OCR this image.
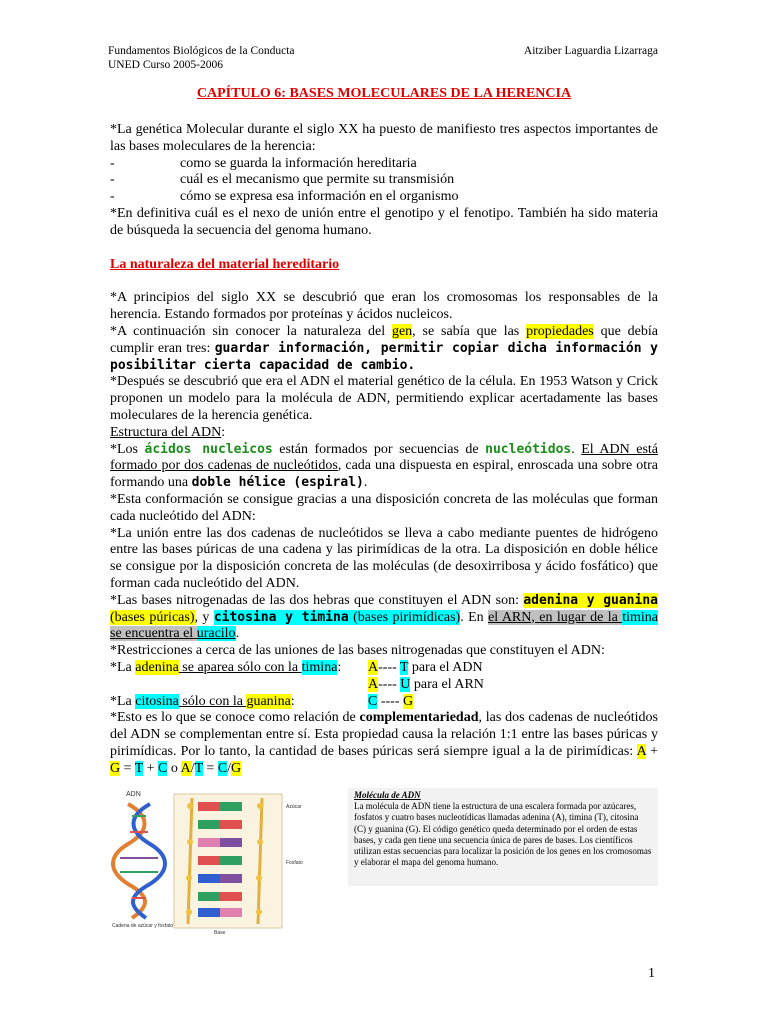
Fundamentos Biológicos de la Conducta
UNED Curso 2005-2006
Aitziber Laguardia Lizarraga
CAPÍTULO 6: BASES MOLECULARES DE LA HERENCIA

*La genética Molecular durante el siglo XX ha puesto de manifiesto tres aspectos importantes de las bases moleculares de la herencia:

-	como se guarda la información hereditaria
-	cuál es el mecanismo que permite su transmisión
-	cómo se expresa esa información en el organismo

*En definitiva cuál es el nexo de unión entre el genotipo y el fenotipo. También ha sido materia de búsqueda la secuencia del genoma humano.

La naturaleza del material hereditario

*A principios del siglo XX se descubrió que eran los cromosomas los responsables de la herencia. Estando formados por proteínas y ácidos nucleicos.

*A continuación sin conocer la naturaleza del gen, se sabía que las propiedades que debía cumplir eran tres: guardar información, permitir copiar dicha información y posibilitar cierta capacidad de cambio.

*Después se descubrió que era el ADN el material genético de la célula. En 1953 Watson y Crick proponen un modelo para la molécula de ADN, permitiendo explicar acertadamente las bases moleculares de la herencia genética.

Estructura del ADN:

*Los ácidos nucleicos están formados por secuencias de nucleótidos. El ADN está formado por dos cadenas de nucleótidos, cada una dispuesta en espiral, enroscada una sobre otra formando una doble hélice (espiral).

*Esta conformación se consigue gracias a una disposición concreta de las moléculas que forman cada nucleótido del ADN:

*La unión entre las dos cadenas de nucleótidos se lleva a cabo mediante puentes de hidrógeno entre las bases púricas de una cadena y las pirimídicas de la otra. La disposición en doble hélice se consigue por la disposición concreta de las moléculas (de desoxirribosa y ácido fosfático) que forman cada nucleótido del ADN.

*Las bases nitrogenadas de las dos hebras que constituyen el ADN son: adenina y guanina (bases púricas), y citosina y timina (bases pirimídicas). En el ARN, en lugar de la timina se encuentra el uracilo.

*Restricciones a cerca de las uniones de las bases nitrogenadas que constituyen el ADN:

*La adenina se aparea sólo con la timina:	A---- T para el ADN
A---- U para el ARN
*La citosina sólo con la guanina:	C ---- G

*Esto es lo que se conoce como relación de complementariedad, las dos cadenas de nucleótidos del ADN se complementan entre sí. Esta propiedad causa la relación 1:1 entre las bases púricas y pirimídicas. Por lo tanto, la cantidad de bases púricas será siempre igual a la de pirimídicas: A + G = T + C o A/T = C/G

ADN
Cadena de azúcar y fosfato
Azúcar
Fosfato
Base
Molécula de ADN
La molécula de ADN tiene la estructura de una escalera formada por azúcares, fosfatos y cuatro bases nucleotídicas llamadas adenina (A), timina (T), citosina (C) y guanina (G). El código genético queda determinado por el orden de estas bases, y cada gen tiene una secuencia única de pares de bases. Los científicos utilizan estas secuencias para localizar la posición de los genes en los cromosomas y elaborar el mapa del genoma humano.
1
